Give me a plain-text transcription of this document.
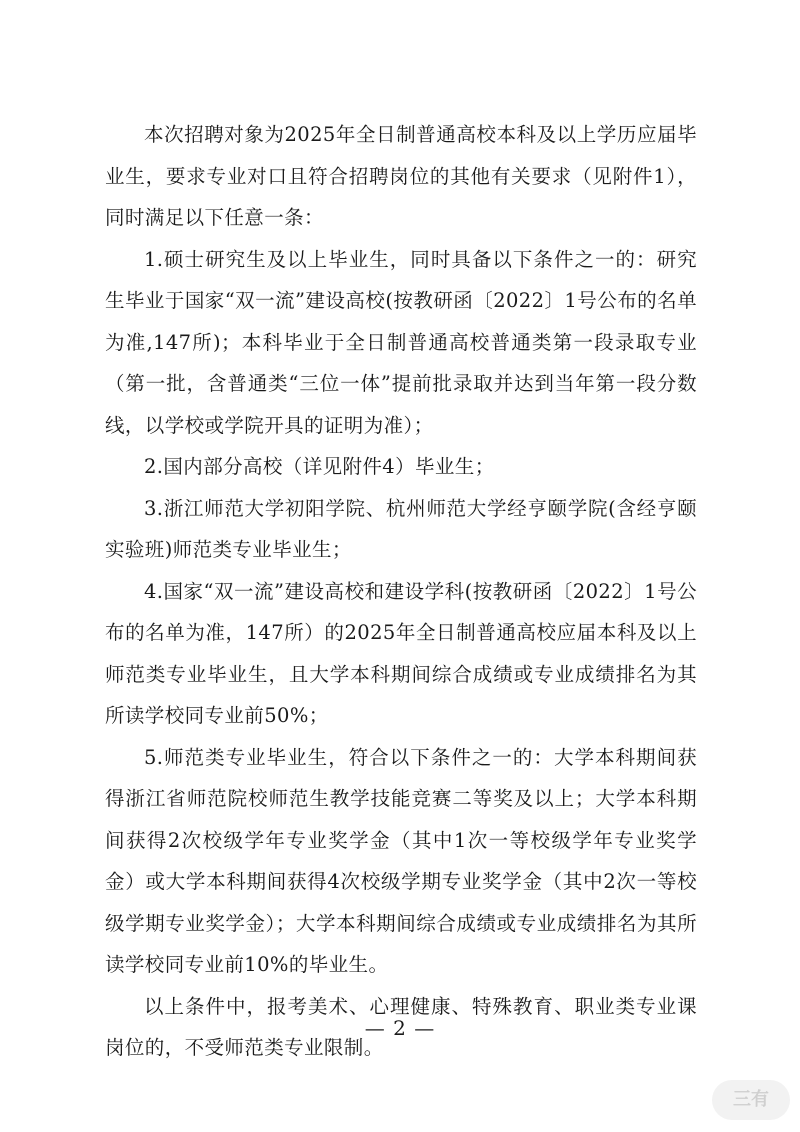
本次招聘对象为2025年全日制普通高校本科及以上学历应届毕业生，要求专业对口且符合招聘岗位的其他有关要求（见附件1），同时满足以下任意一条：

1.硕士研究生及以上毕业生，同时具备以下条件之一的：研究生毕业于国家“双一流”建设高校(按教研函〔2022〕1号公布的名单为准,147所)；本科毕业于全日制普通高校普通类第一段录取专业（第一批，含普通类“三位一体”提前批录取并达到当年第一段分数线，以学校或学院开具的证明为准）；

2.国内部分高校（详见附件4）毕业生；

3.浙江师范大学初阳学院、杭州师范大学经亨颐学院(含经亨颐实验班)师范类专业毕业生；

4.国家“双一流”建设高校和建设学科(按教研函〔2022〕1号公布的名单为准，147所）的2025年全日制普通高校应届本科及以上师范类专业毕业生，且大学本科期间综合成绩或专业成绩排名为其所读学校同专业前50%；

5.师范类专业毕业生，符合以下条件之一的：大学本科期间获得浙江省师范院校师范生教学技能竞赛二等奖及以上；大学本科期间获得2次校级学年专业奖学金（其中1次一等校级学年专业奖学金）或大学本科期间获得4次校级学期专业奖学金（其中2次一等校级学期专业奖学金）；大学本科期间综合成绩或专业成绩排名为其所读学校同专业前10%的毕业生。

以上条件中，报考美术、心理健康、特殊教育、职业类专业课岗位的，不受师范类专业限制。

— 2 —
三有
